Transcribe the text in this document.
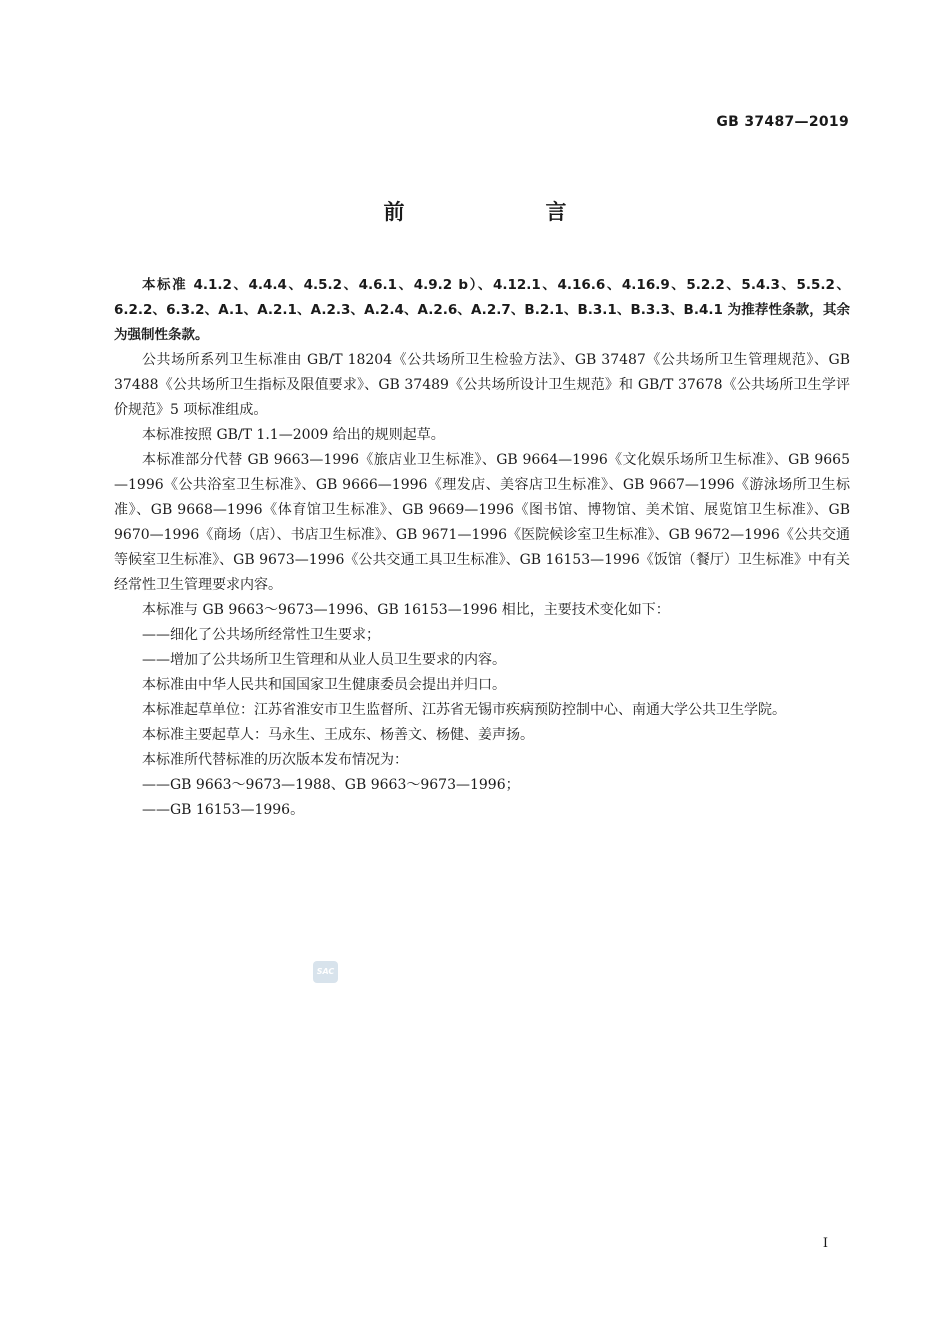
GB 37487—2019
前　言

本标准 4.1.2、4.4.4、4.5.2、4.6.1、4.9.2 b）、4.12.1、4.16.6、4.16.9、5.2.2、5.4.3、5.5.2、6.2.2、6.3.2、A.1、A.2.1、A.2.3、A.2.4、A.2.6、A.2.7、B.2.1、B.3.1、B.3.3、B.4.1 为推荐性条款，其余为强制性条款。

公共场所系列卫生标准由 GB/T 18204《公共场所卫生检验方法》、GB 37487《公共场所卫生管理规范》、GB 37488《公共场所卫生指标及限值要求》、GB 37489《公共场所设计卫生规范》和 GB/T 37678《公共场所卫生学评价规范》5 项标准组成。

本标准按照 GB/T 1.1—2009 给出的规则起草。

本标准部分代替 GB 9663—1996《旅店业卫生标准》、GB 9664—1996《文化娱乐场所卫生标准》、GB 9665—1996《公共浴室卫生标准》、GB 9666—1996《理发店、美容店卫生标准》、GB 9667—1996《游泳场所卫生标准》、GB 9668—1996《体育馆卫生标准》、GB 9669—1996《图书馆、博物馆、美术馆、展览馆卫生标准》、GB 9670—1996《商场（店）、书店卫生标准》、GB 9671—1996《医院候诊室卫生标准》、GB 9672—1996《公共交通等候室卫生标准》、GB 9673—1996《公共交通工具卫生标准》、GB 16153—1996《饭馆（餐厅）卫生标准》中有关经常性卫生管理要求内容。

本标准与 GB 9663～9673—1996、GB 16153—1996 相比，主要技术变化如下：

——细化了公共场所经常性卫生要求；

——增加了公共场所卫生管理和从业人员卫生要求的内容。

本标准由中华人民共和国国家卫生健康委员会提出并归口。

本标准起草单位：江苏省淮安市卫生监督所、江苏省无锡市疾病预防控制中心、南通大学公共卫生学院。

本标准主要起草人：马永生、王成东、杨善文、杨健、姜声扬。

本标准所代替标准的历次版本发布情况为：

——GB 9663～9673—1988、GB 9663～9673—1996；

——GB 16153—1996。

SAC
I
